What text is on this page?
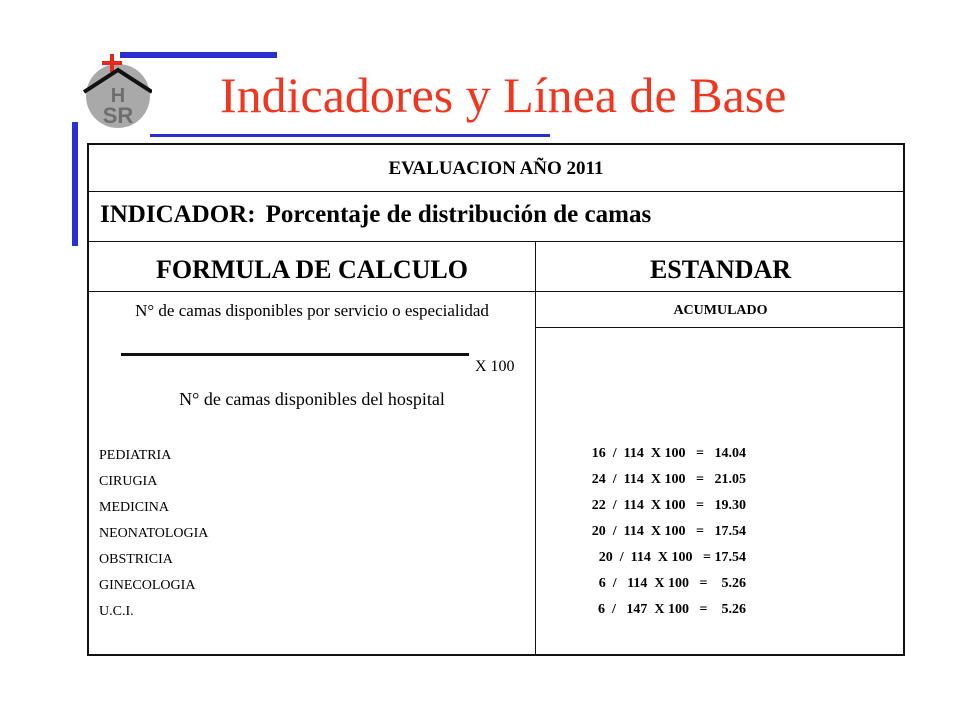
H
SR Indicadores y Línea de Base
EVALUACION AÑO 2011
INDICADOR: Porcentaje de distribución de camas
FORMULA DE CALCULO	ESTANDAR
N° de camas disponibles por servicio o especialidad
X 100
N° de camas disponibles del hospital
PEDIATRIA
CIRUGIA
MEDICINA
NEONATOLOGIA
OBSTRICIA
GINECOLOGIA
U.C.I.
ACUMULADO
16  /  114  X 100   =   14.04
24  /  114  X 100   =   21.05
22  /  114  X 100   =   19.30
20  /  114  X 100   =   17.54
20  /  114  X 100   = 17.54
6  /   114  X 100   =    5.26
6  /   147  X 100   =    5.26
